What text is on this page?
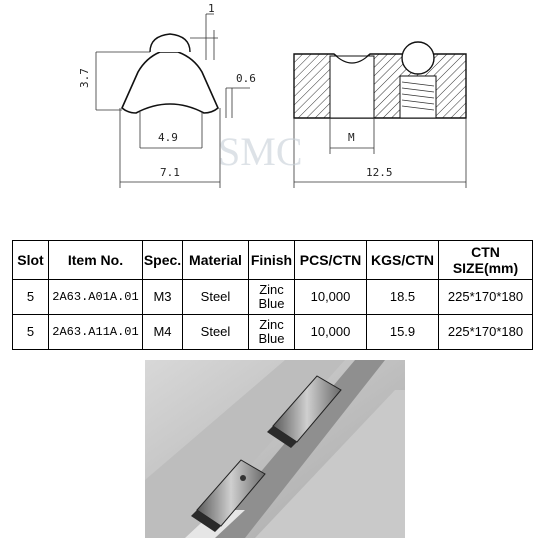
1
3.7	0.6
4.9
7.1
M
12.5
SMC
Slot	Item No.	Spec.	Material	Finish	PCS/CTN	KGS/CTN	CTN SIZE(mm)
5	2A63.A01A.01	M3	Steel	Zinc Blue	10,000	18.5	225*170*180
5	2A63.A11A.01	M4	Steel	Zinc Blue	10,000	15.9	225*170*180
